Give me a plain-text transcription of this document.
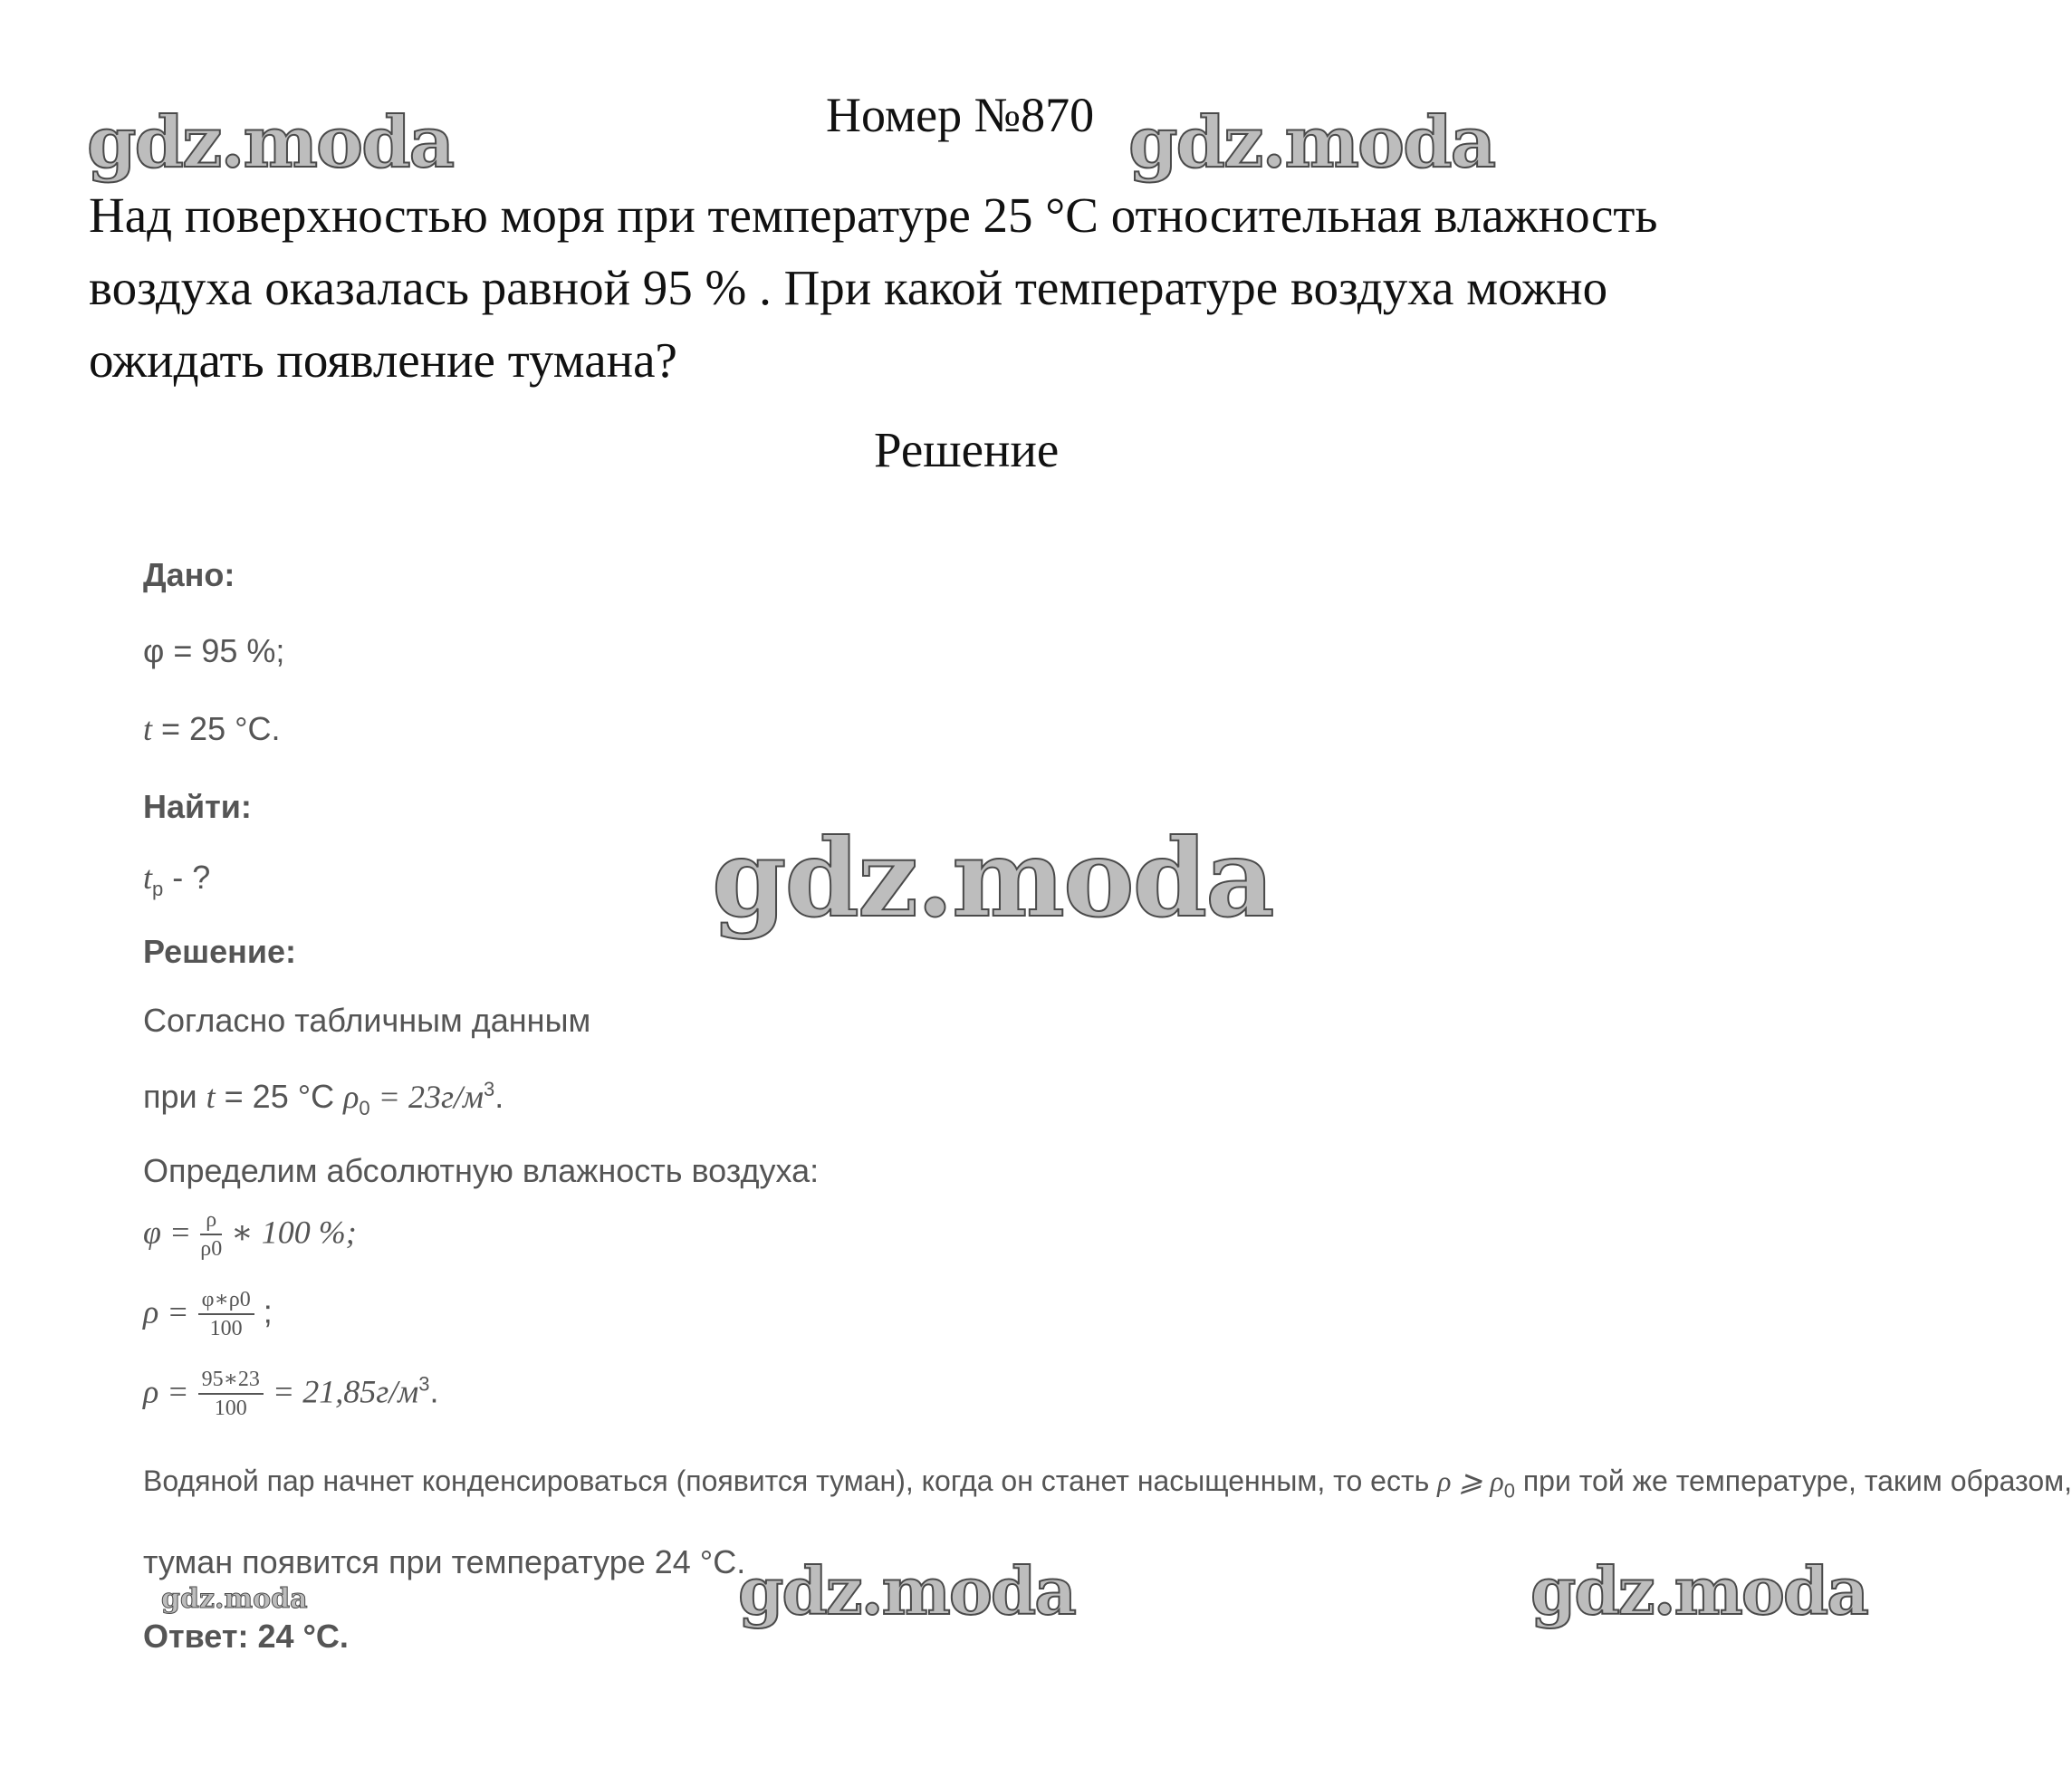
gdz.moda	gdz.moda
gdz.moda
gdz.moda	gdz.moda	gdz.moda
Номер №870
Над поверхностью моря при температуре 25 °С относительная влажность
воздуха оказалась равной 95 % . При какой температуре воздуха можно
ожидать появление тумана?
Решение
Дано:
φ = 95 %;
t = 25 °С.
Найти:
$t_р$ - ?
Решение:
Согласно табличным данным
при t = 25 °С $\rho_0 = 23г/м^3$.
Определим абсолютную влажность воздуха:
$\varphi = \frac{\rho}{\rho 0}$ ∗ 100 %;
$\rho = \frac{\varphi∗\rho 0}{100}$ ;
$\rho = \frac{95∗23}{100} = 21,85г/м^3$.
Водяной пар начнет конденсироваться (появится туман), когда он станет насыщенным, то есть ρ ⩾ $\rho_0$ при той же температуре, таким образом,
туман появится при температуре 24 °С.
Ответ: 24 °С.
